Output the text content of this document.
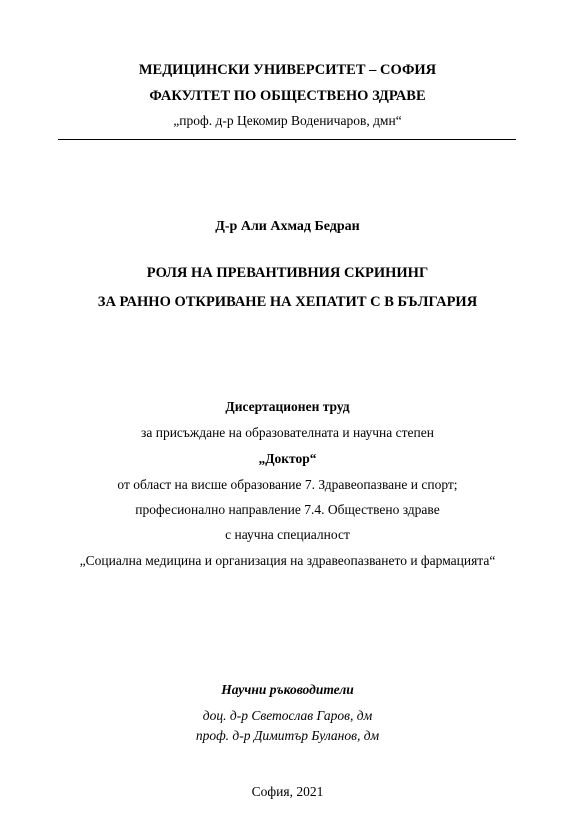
МЕДИЦИНСКИ УНИВЕРСИТЕТ – СОФИЯ
ФАКУЛТЕТ ПО ОБЩЕСТВЕНО ЗДРАВЕ
„проф. д-р Цекомир Воденичаров, дмн“
Д-р Али Ахмад Бедран
РОЛЯ НА ПРЕВАНТИВНИЯ СКРИНИНГ
ЗА РАННО ОТКРИВАНЕ НА ХЕПАТИТ С В БЪЛГАРИЯ
Дисертационен труд
за присъждане на образователната и научна степен
„Доктор“
от област на висше образование 7. Здравеопазване и спорт;
професионално направление 7.4. Обществено здраве
с научна специалност
„Социална медицина и организация на здравеопазването и фармацията“
Научни ръководители
доц. д-р Светослав Гаров, дм
проф. д-р Димитър Буланов, дм
София, 2021
